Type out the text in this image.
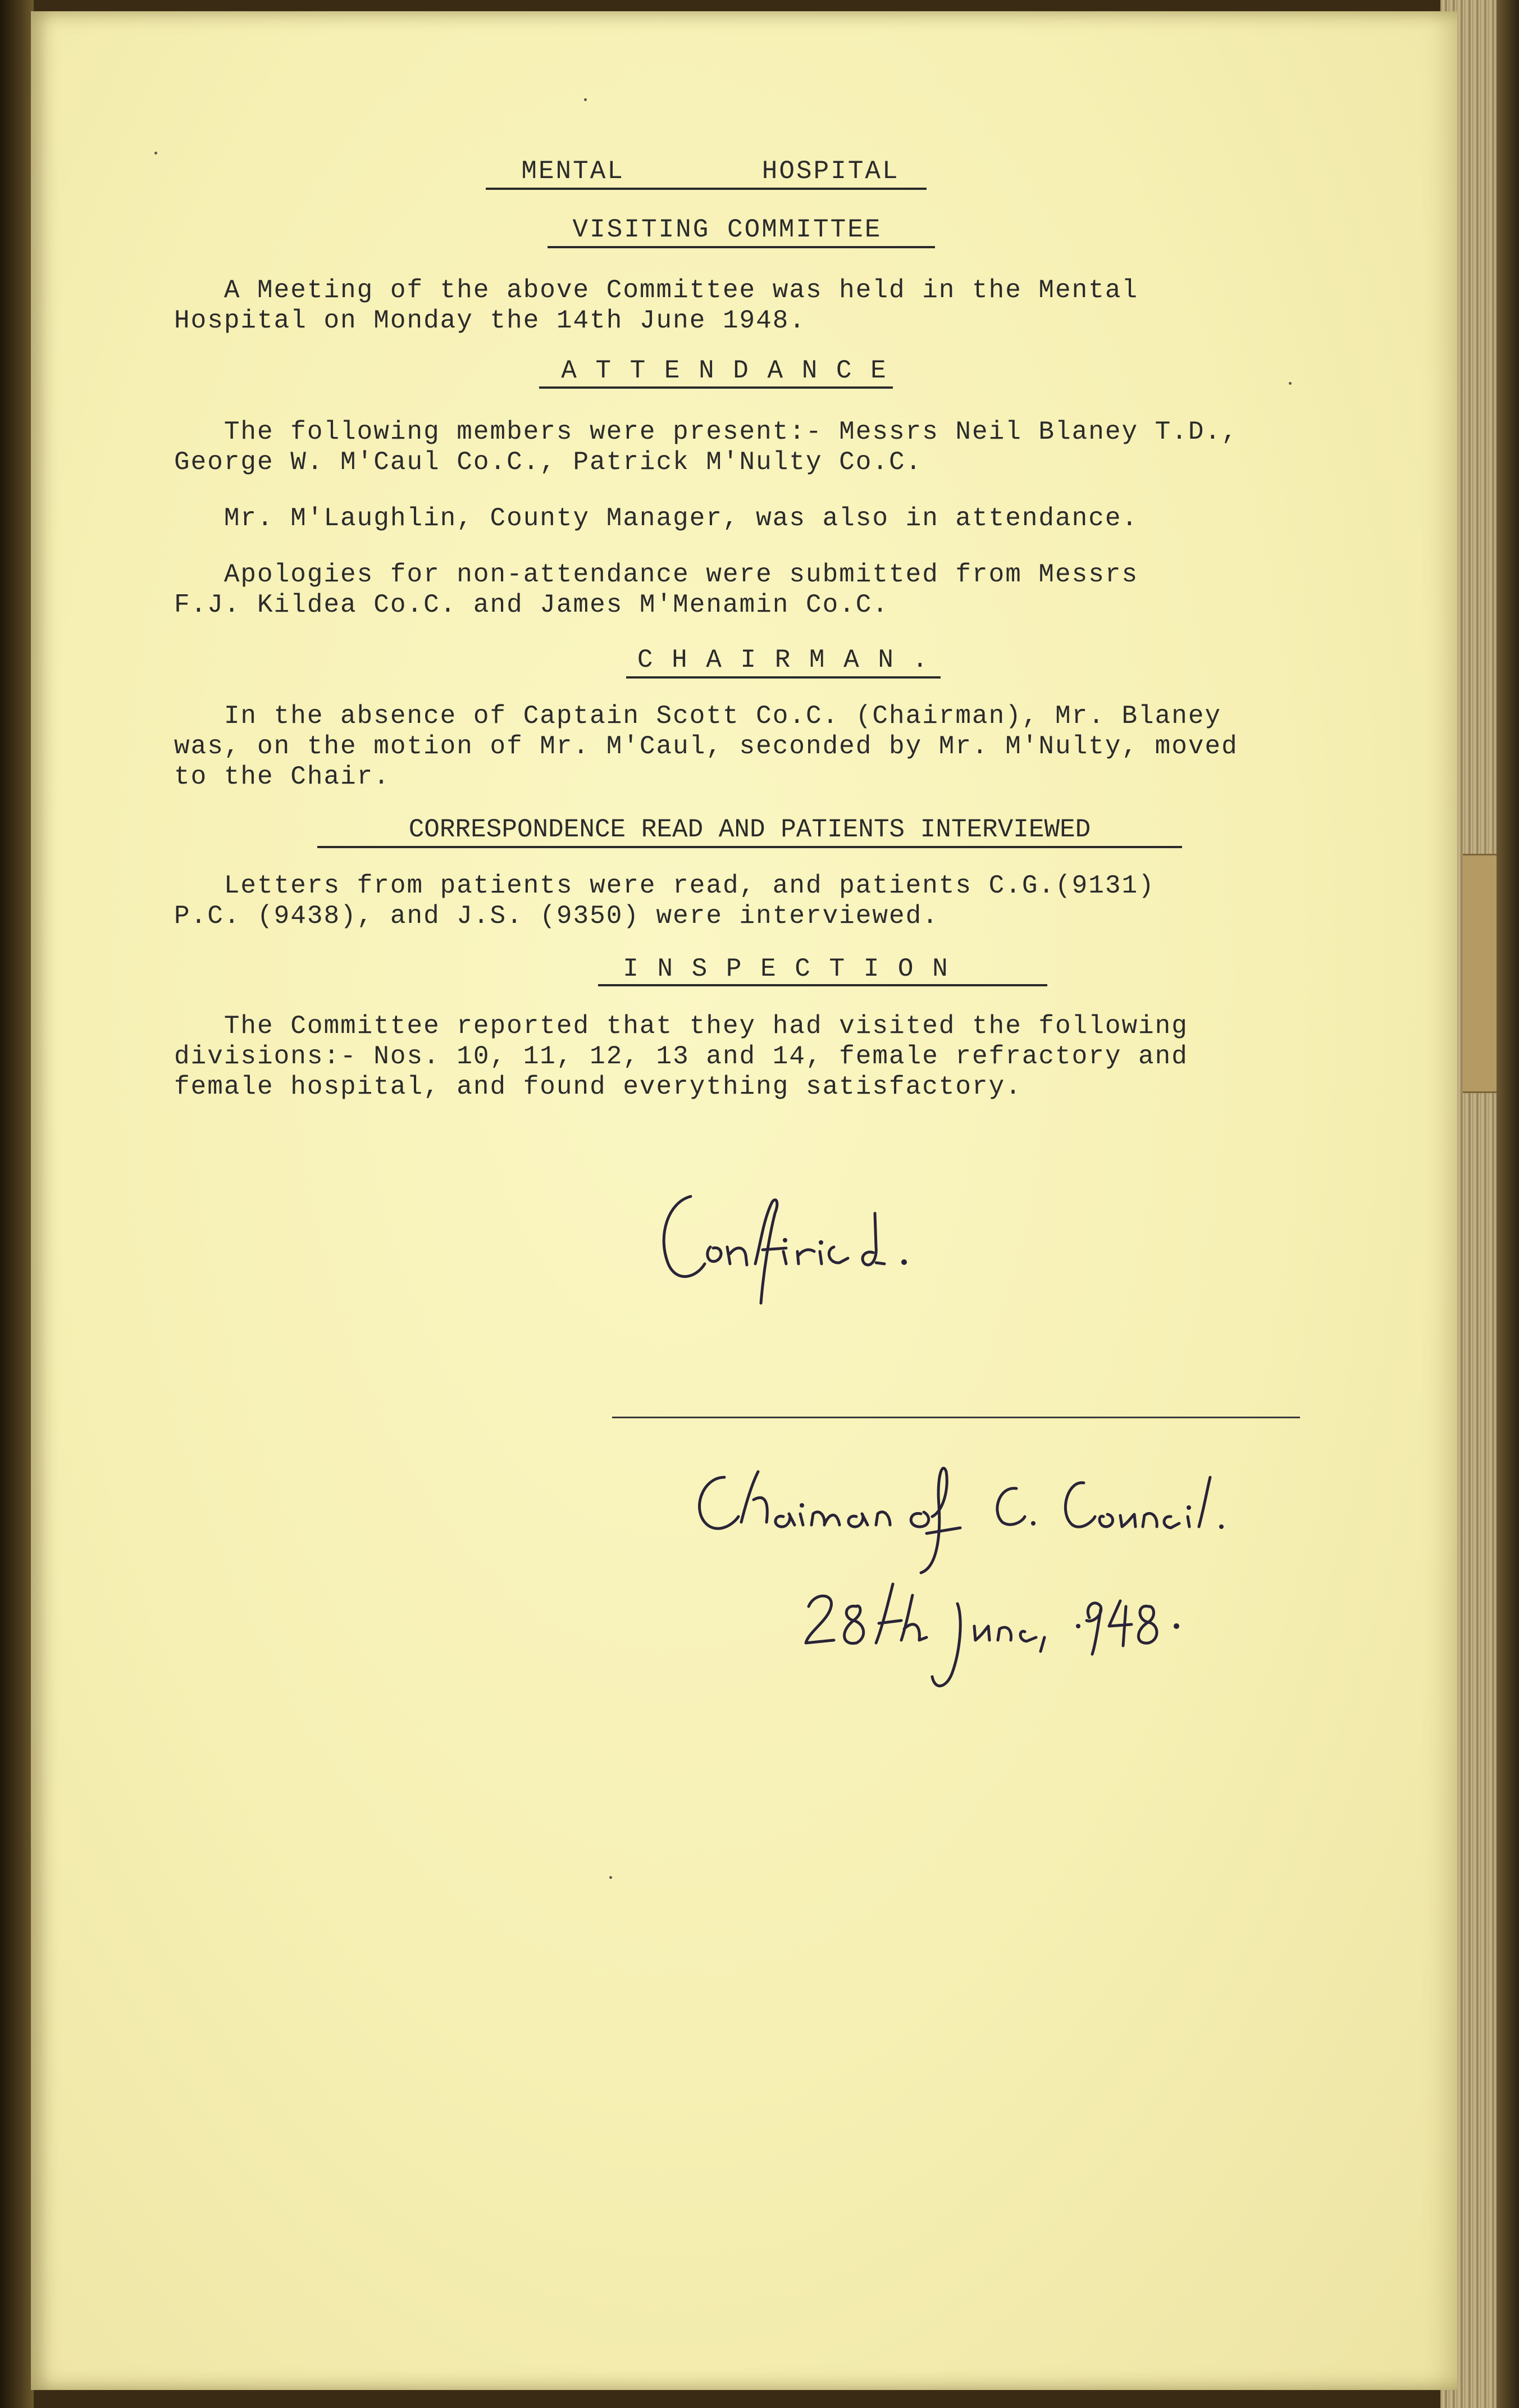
MENTAL        HOSPITAL
VISITING COMMITTEE
A Meeting of the above Committee was held in the Mental
Hospital on Monday the 14th June 1948.
A T T E N D A N C E
The following members were present:- Messrs Neil Blaney T.D.,
George W. M'Caul Co.C., Patrick M'Nulty Co.C.
Mr. M'Laughlin, County Manager, was also in attendance.
Apologies for non-attendance were submitted from Messrs
F.J. Kildea Co.C. and James M'Menamin Co.C.
C H A I R M A N .
In the absence of Captain Scott Co.C. (Chairman), Mr. Blaney
was, on the motion of Mr. M'Caul, seconded by Mr. M'Nulty, moved
to the Chair.
CORRESPONDENCE READ AND PATIENTS INTERVIEWED
Letters from patients were read, and patients C.G.(9131)
P.C. (9438), and J.S. (9350) were interviewed.
I N S P E C T I O N
The Committee reported that they had visited the following
divisions:- Nos. 10, 11, 12, 13 and 14, female refractory and
female hospital, and found everything satisfactory.
